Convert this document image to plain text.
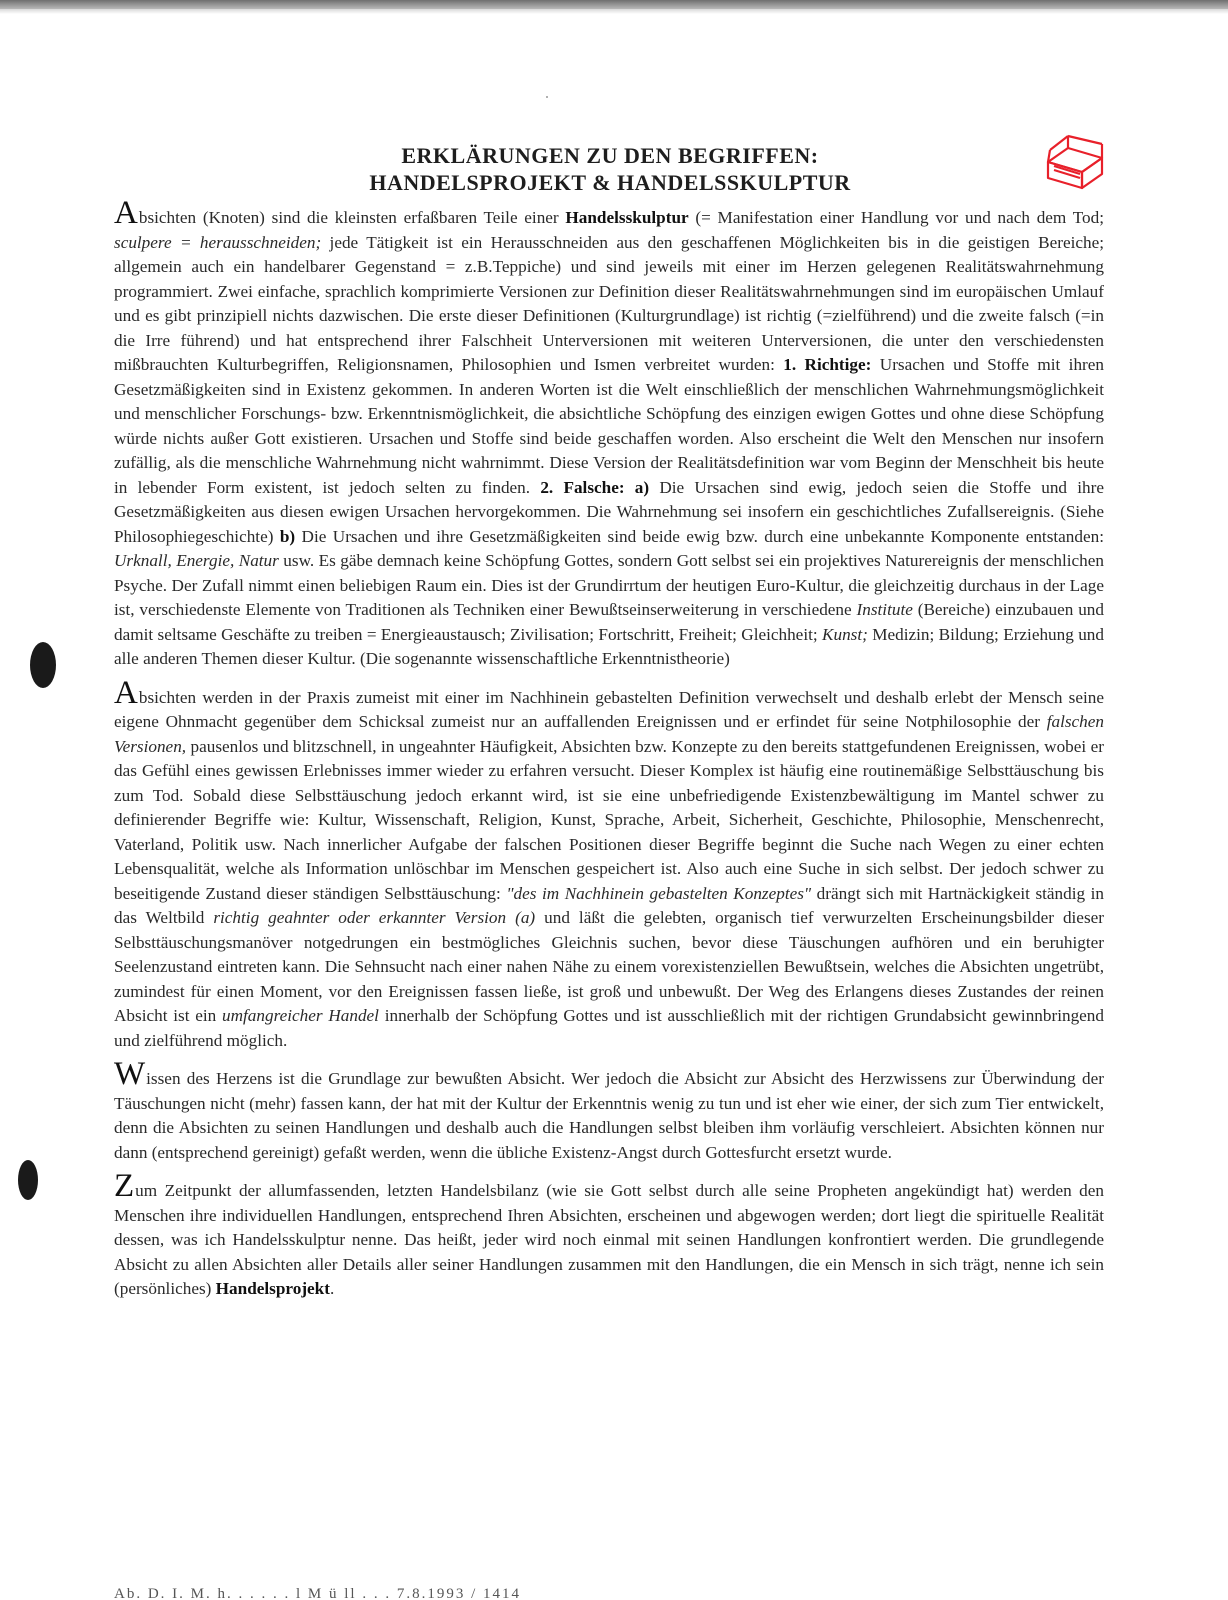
ERKLÄRUNGEN ZU DEN BEGRIFFEN:
HANDELSPROJEKT & HANDELSSKULPTUR

Absichten (Knoten) sind die kleinsten erfaßbaren Teile einer Handelsskulptur (= Manifestation einer Handlung vor und nach dem Tod; sculpere = herausschneiden; jede Tätigkeit ist ein Herausschneiden aus den geschaffenen Möglichkeiten bis in die geistigen Bereiche; allgemein auch ein handelbarer Gegenstand = z.B.Teppiche) und sind jeweils mit einer im Herzen gelegenen Realitätswahrnehmung programmiert. Zwei einfache, sprachlich komprimierte Versionen zur Definition dieser Realitätswahrnehmungen sind im europäischen Umlauf und es gibt prinzipiell nichts dazwischen. Die erste dieser Definitionen (Kulturgrundlage) ist richtig (=zielführend) und die zweite falsch (=in die Irre führend) und hat entsprechend ihrer Falschheit Unterversionen mit weiteren Unterversionen, die unter den verschiedensten mißbrauchten Kulturbegriffen, Religionsnamen, Philosophien und Ismen verbreitet wurden: 1. Richtige: Ursachen und Stoffe mit ihren Gesetzmäßigkeiten sind in Existenz gekommen. In anderen Worten ist die Welt einschließlich der menschlichen Wahrnehmungsmöglichkeit und menschlicher Forschungs- bzw. Erkenntnismöglichkeit, die absichtliche Schöpfung des einzigen ewigen Gottes und ohne diese Schöpfung würde nichts außer Gott existieren. Ursachen und Stoffe sind beide geschaffen worden. Also erscheint die Welt den Menschen nur insofern zufällig, als die menschliche Wahrnehmung nicht wahrnimmt. Diese Version der Realitätsdefinition war vom Beginn der Menschheit bis heute in lebender Form existent, ist jedoch selten zu finden. 2. Falsche: a) Die Ursachen sind ewig, jedoch seien die Stoffe und ihre Gesetzmäßigkeiten aus diesen ewigen Ursachen hervorgekommen. Die Wahrnehmung sei insofern ein geschichtliches Zufallsereignis. (Siehe Philosophiegeschichte) b) Die Ursachen und ihre Gesetzmäßigkeiten sind beide ewig bzw. durch eine unbekannte Komponente entstanden: Urknall, Energie, Natur usw. Es gäbe demnach keine Schöpfung Gottes, sondern Gott selbst sei ein projektives Naturereignis der menschlichen Psyche. Der Zufall nimmt einen beliebigen Raum ein. Dies ist der Grundirrtum der heutigen Euro-Kultur, die gleichzeitig durchaus in der Lage ist, verschiedenste Elemente von Traditionen als Techniken einer Bewußtseinserweiterung in verschiedene Institute (Bereiche) einzubauen und damit seltsame Geschäfte zu treiben = Energieaustausch; Zivilisation; Fortschritt, Freiheit; Gleichheit; Kunst; Medizin; Bildung; Erziehung und alle anderen Themen dieser Kultur. (Die sogenannte wissenschaftliche Erkenntnistheorie)

Absichten werden in der Praxis zumeist mit einer im Nachhinein gebastelten Definition verwechselt und deshalb erlebt der Mensch seine eigene Ohnmacht gegenüber dem Schicksal zumeist nur an auffallenden Ereignissen und er erfindet für seine Notphilosophie der falschen Versionen, pausenlos und blitzschnell, in ungeahnter Häufigkeit, Absichten bzw. Konzepte zu den bereits stattgefundenen Ereignissen, wobei er das Gefühl eines gewissen Erlebnisses immer wieder zu erfahren versucht. Dieser Komplex ist häufig eine routinemäßige Selbsttäuschung bis zum Tod. Sobald diese Selbsttäuschung jedoch erkannt wird, ist sie eine unbefriedigende Existenzbewältigung im Mantel schwer zu definierender Begriffe wie: Kultur, Wissenschaft, Religion, Kunst, Sprache, Arbeit, Sicherheit, Geschichte, Philosophie, Menschenrecht, Vaterland, Politik usw. Nach innerlicher Aufgabe der falschen Positionen dieser Begriffe beginnt die Suche nach Wegen zu einer echten Lebensqualität, welche als Information unlöschbar im Menschen gespeichert ist. Also auch eine Suche in sich selbst. Der jedoch schwer zu beseitigende Zustand dieser ständigen Selbsttäuschung: "des im Nachhinein gebastelten Konzeptes" drängt sich mit Hartnäckigkeit ständig in das Weltbild richtig geahnter oder erkannter Version (a) und läßt die gelebten, organisch tief verwurzelten Erscheinungsbilder dieser Selbsttäuschungsmanöver notgedrungen ein bestmögliches Gleichnis suchen, bevor diese Täuschungen aufhören und ein beruhigter Seelenzustand eintreten kann. Die Sehnsucht nach einer nahen Nähe zu einem vorexistenziellen Bewußtsein, welches die Absichten ungetrübt, zumindest für einen Moment, vor den Ereignissen fassen ließe, ist groß und unbewußt. Der Weg des Erlangens dieses Zustandes der reinen Absicht ist ein umfangreicher Handel innerhalb der Schöpfung Gottes und ist ausschließlich mit der richtigen Grundabsicht gewinnbringend und zielführend möglich.

Wissen des Herzens ist die Grundlage zur bewußten Absicht. Wer jedoch die Absicht zur Absicht des Herzwissens zur Überwindung der Täuschungen nicht (mehr) fassen kann, der hat mit der Kultur der Erkenntnis wenig zu tun und ist eher wie einer, der sich zum Tier entwickelt, denn die Absichten zu seinen Handlungen und deshalb auch die Handlungen selbst bleiben ihm vorläufig verschleiert. Absichten können nur dann (entsprechend gereinigt) gefaßt werden, wenn die übliche Existenz-Angst durch Gottesfurcht ersetzt wurde.

Zum Zeitpunkt der allumfassenden, letzten Handelsbilanz (wie sie Gott selbst durch alle seine Propheten angekündigt hat) werden den Menschen ihre individuellen Handlungen, entsprechend Ihren Absichten, erscheinen und abgewogen werden; dort liegt die spirituelle Realität dessen, was ich Handelsskulptur nenne. Das heißt, jeder wird noch einmal mit seinen Handlungen konfrontiert werden. Die grundlegende Absicht zu allen Absichten aller Details aller seiner Handlungen zusammen mit den Handlungen, die ein Mensch in sich trägt, nenne ich sein (persönliches) Handelsprojekt.

Ab. D. I. M. h. . . . . . l M ü ll . . . 7.8.1993 / 1414
